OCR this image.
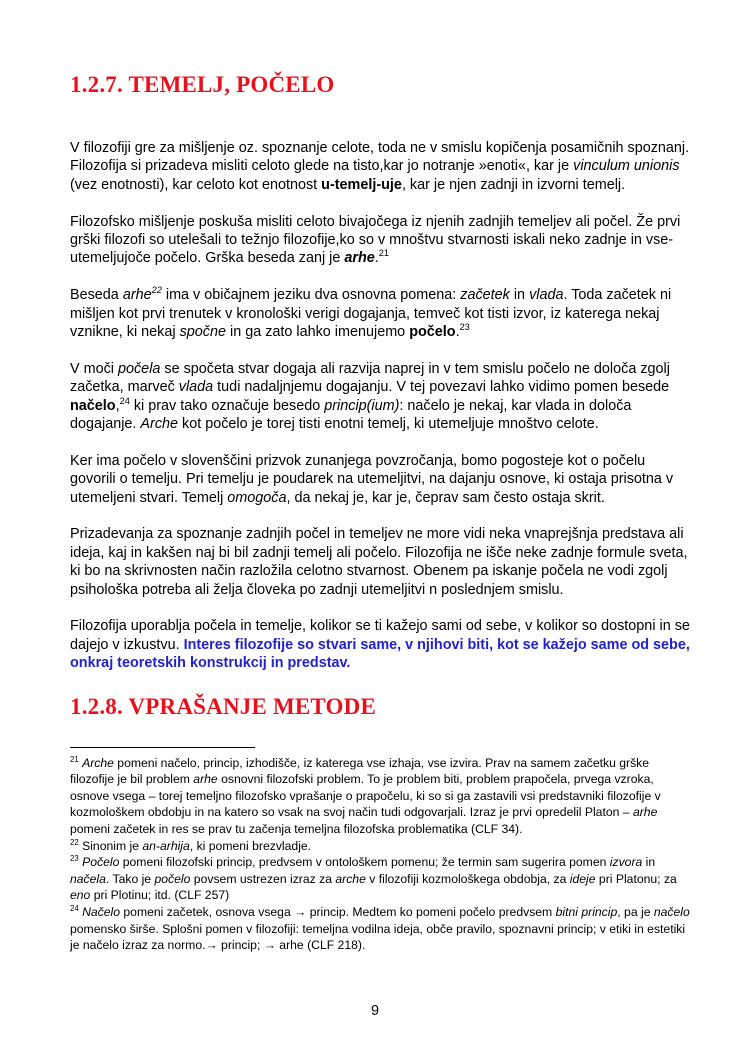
1.2.7. TEMELJ, POČELO

V filozofiji gre za mišljenje oz. spoznanje celote, toda ne v smislu kopičenja posamičnih spoznanj. Filozofija si prizadeva misliti celoto glede na tisto,kar jo notranje »enoti«, kar je vinculum unionis (vez enotnosti), kar celoto kot enotnost u-temelj-uje, kar je njen zadnji in izvorni temelj.

Filozofsko mišljenje poskuša misliti celoto bivajočega iz njenih zadnjih temeljev ali počel. Že prvi grški filozofi so utelešali to težnjo filozofije,ko so v mnoštvu stvarnosti iskali neko zadnje in vse-utemeljujoče počelo. Grška beseda zanj je arhe.$^{21}$

Beseda arhe$^{22}$ ima v običajnem jeziku dva osnovna pomena: začetek in vlada. Toda začetek ni mišljen kot prvi trenutek v kronološki verigi dogajanja, temveč kot tisti izvor, iz katerega nekaj vznikne, ki nekaj spočne in ga zato lahko imenujemo počelo.$^{23}$

V moči počela se spočeta stvar dogaja ali razvija naprej in v tem smislu počelo ne določa zgolj začetka, marveč vlada tudi nadaljnjemu dogajanju. V tej povezavi lahko vidimo pomen besede načelo,$^{24}$ ki prav tako označuje besedo princip(ium): načelo je nekaj, kar vlada in določa dogajanje. Arche kot počelo je torej tisti enotni temelj, ki utemeljuje mnoštvo celote.

Ker ima počelo v slovenščini prizvok zunanjega povzročanja, bomo pogosteje kot o počelu govorili o temelju. Pri temelju je poudarek na utemeljitvi, na dajanju osnove, ki ostaja prisotna v utemeljeni stvari. Temelj omogoča, da nekaj je, kar je, čeprav sam često ostaja skrit.

Prizadevanja za spoznanje zadnjih počel in temeljev ne more vidi neka vnaprejšnja predstava ali ideja, kaj in kakšen naj bi bil zadnji temelj ali počelo. Filozofija ne išče neke zadnje formule sveta, ki bo na skrivnosten način razložila celotno stvarnost. Obenem pa iskanje počela ne vodi zgolj psihološka potreba ali želja človeka po zadnji utemeljitvi n poslednjem smislu.

Filozofija uporablja počela in temelje, kolikor se ti kažejo sami od sebe, v kolikor so dostopni in se dajejo v izkustvu. Interes filozofije so stvari same, v njihovi biti, kot se kažejo same od sebe, onkraj teoretskih konstrukcij in predstav.

1.2.8. VPRAŠANJE METODE

$^{21}$ Arche pomeni načelo, princip, izhodišče, iz katerega vse izhaja, vse izvira. Prav na samem začetku grške filozofije je bil problem arhe osnovni filozofski problem. To je problem biti, problem prapočela, prvega vzroka, osnove vsega – torej temeljno filozofsko vprašanje o prapočelu, ki so si ga zastavili vsi predstavniki filozofije v kozmološkem obdobju in na katero so vsak na svoj način tudi odgovarjali. Izraz je prvi opredelil Platon – arhe pomeni začetek in res se prav tu začenja temeljna filozofska problematika (CLF 34).

$^{22}$ Sinonim je an-arhija, ki pomeni brezvladje.

$^{23}$ Počelo pomeni filozofski princip, predvsem v ontološkem pomenu; že termin sam sugerira pomen izvora in načela. Tako je počelo povsem ustrezen izraz za arche v filozofiji kozmološkega obdobja, za ideje pri Platonu; za eno pri Plotinu; itd. (CLF 257)

$^{24}$ Načelo pomeni začetek, osnova vsega → princip. Medtem ko pomeni počelo predvsem bitni princip, pa je načelo pomensko širše. Splošni pomen v filozofiji: temeljna vodilna ideja, obče pravilo, spoznavni princip; v etiki in estetiki je načelo izraz za normo.→ princip; → arhe (CLF 218).

9
